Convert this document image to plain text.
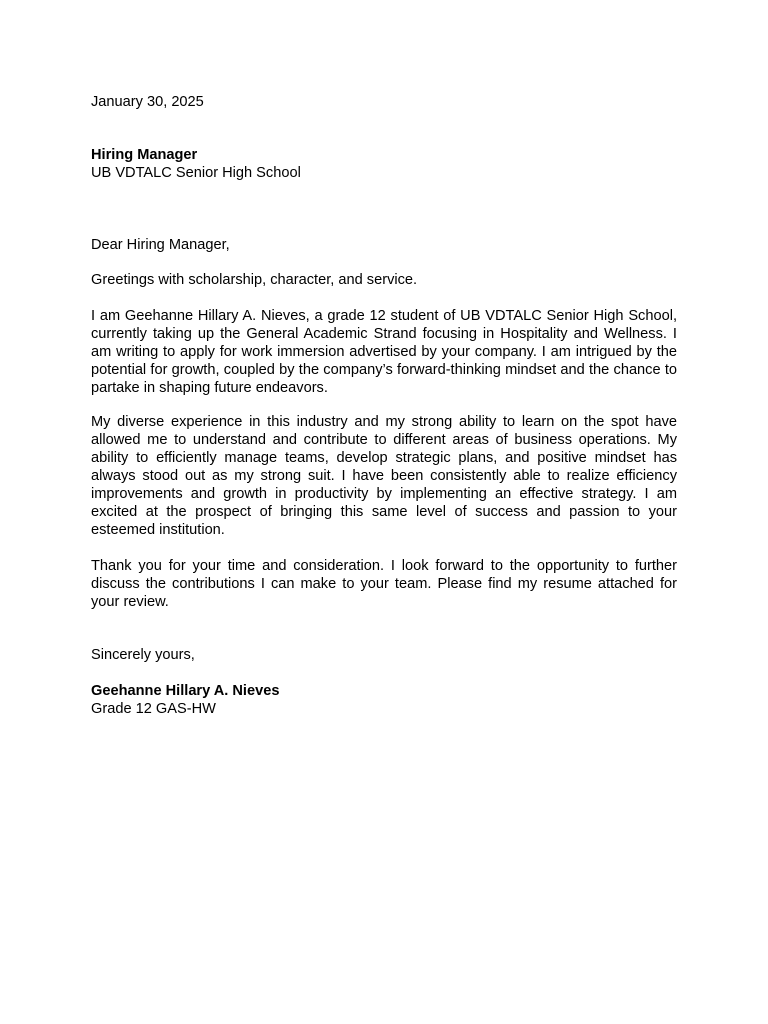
January 30, 2025
Hiring Manager
UB VDTALC Senior High School
Dear Hiring Manager,
Greetings with scholarship, character, and service.
I am Geehanne Hillary A. Nieves, a grade 12 student of UB VDTALC Senior High School, currently taking up the General Academic Strand focusing in Hospitality and Wellness. I am writing to apply for work immersion advertised by your company. I am intrigued by the potential for growth, coupled by the company’s forward-thinking mindset and the chance to partake in shaping future endeavors.
My diverse experience in this industry and my strong ability to learn on the spot have allowed me to understand and contribute to different areas of business operations. My ability to efficiently manage teams, develop strategic plans, and positive mindset has always stood out as my strong suit. I have been consistently able to realize efficiency improvements and growth in productivity by implementing an effective strategy. I am excited at the prospect of bringing this same level of success and passion to your esteemed institution.
Thank you for your time and consideration. I look forward to the opportunity to further discuss the contributions I can make to your team. Please find my resume attached for your review.
Sincerely yours,
Geehanne Hillary A. Nieves
Grade 12 GAS-HW
